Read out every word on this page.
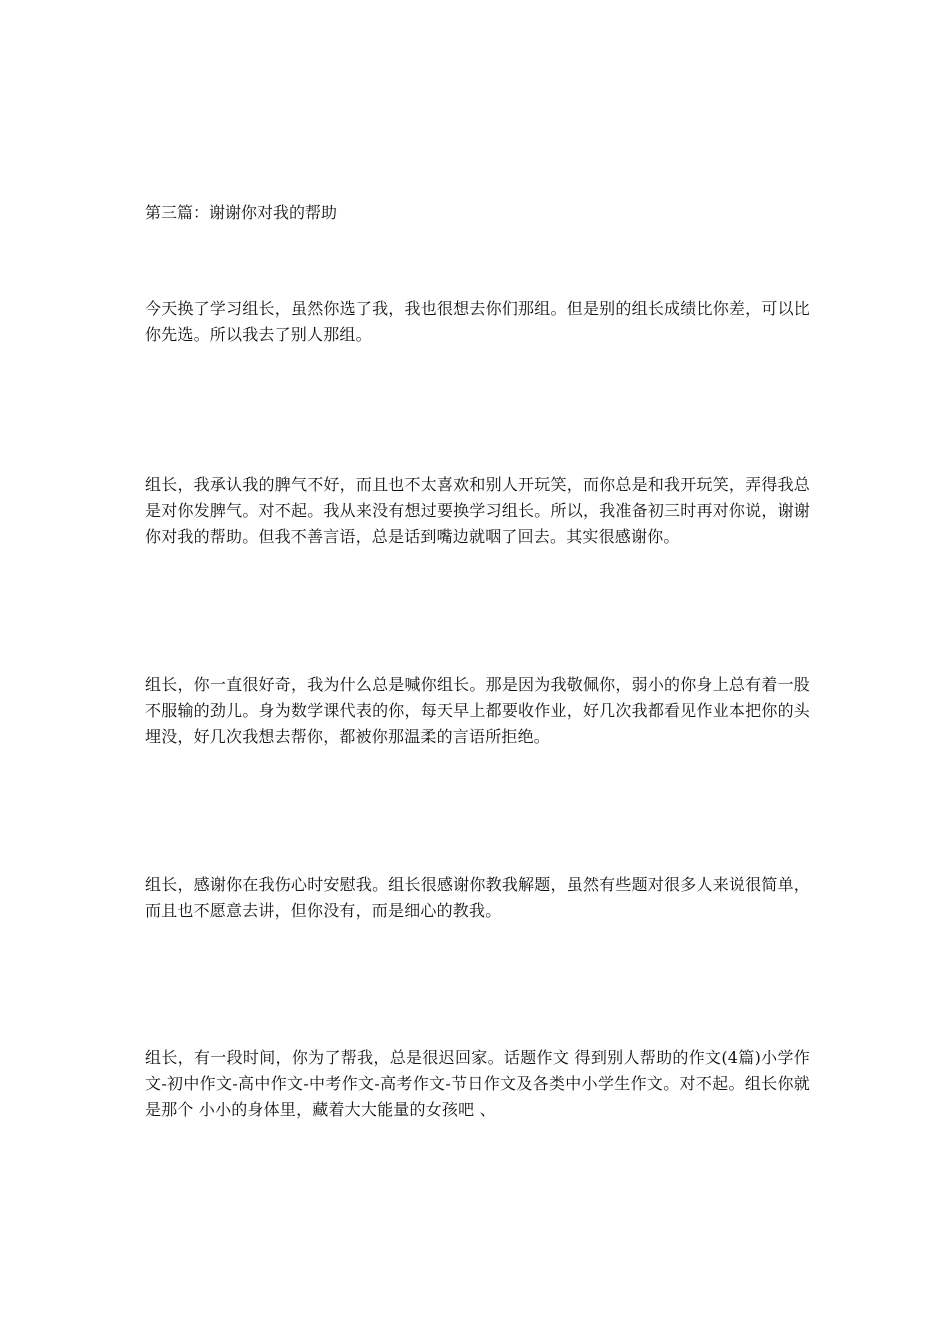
第三篇：谢谢你对我的帮助

今天换了学习组长，虽然你选了我，我也很想去你们那组。但是别的组长成绩比你差，可以比你先选。所以我去了别人那组。

组长，我承认我的脾气不好，而且也不太喜欢和别人开玩笑，而你总是和我开玩笑，弄得我总是对你发脾气。对不起。我从来没有想过要换学习组长。所以，我准备初三时再对你说，谢谢你对我的帮助。但我不善言语，总是话到嘴边就咽了回去。其实很感谢你。

组长，你一直很好奇，我为什么总是喊你组长。那是因为我敬佩你，弱小的你身上总有着一股不服输的劲儿。身为数学课代表的你，每天早上都要收作业，好几次我都看见作业本把你的头埋没，好几次我想去帮你，都被你那温柔的言语所拒绝。

组长，感谢你在我伤心时安慰我。组长很感谢你教我解题，虽然有些题对很多人来说很简单，而且也不愿意去讲，但你没有，而是细心的教我。

组长，有一段时间，你为了帮我，总是很迟回家。话题作文 得到别人帮助的作文(4篇)小学作文-初中作文-高中作文-中考作文-高考作文-节日作文及各类中小学生作文。对不起。组长你就是那个 小小的身体里，藏着大大能量的女孩吧 、
